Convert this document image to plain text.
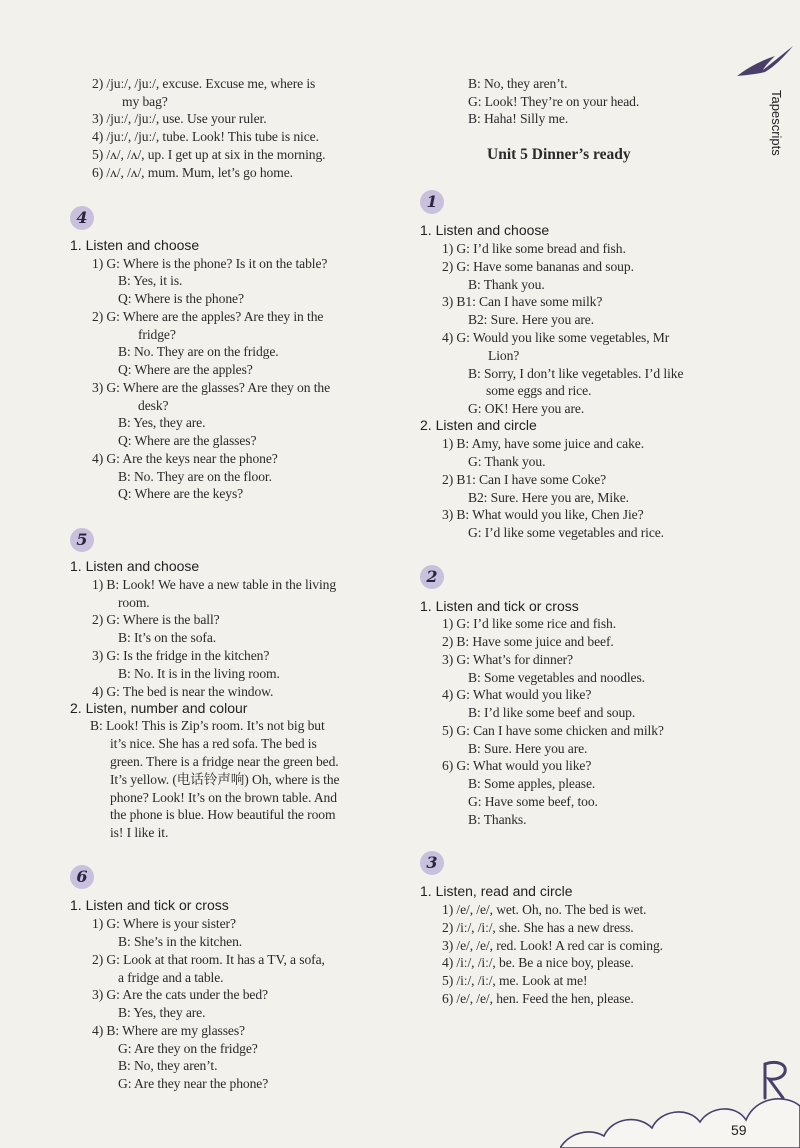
Tapescripts
2) /juː/, /juː/, excuse. Excuse me, where is
my bag?
3) /juː/, /juː/, use. Use your ruler.
4) /juː/, /juː/, tube. Look! This tube is nice.
5) /ʌ/, /ʌ/, up. I get up at six in the morning.
6) /ʌ/, /ʌ/, mum. Mum, let’s go home.
4
1. Listen and choose
1) G: Where is the phone? Is it on the table?
B: Yes, it is.
Q: Where is the phone?
2) G: Where are the apples? Are they in the
fridge?
B: No. They are on the fridge.
Q: Where are the apples?
3) G: Where are the glasses? Are they on the
desk?
B: Yes, they are.
Q: Where are the glasses?
4) G: Are the keys near the phone?
B: No. They are on the floor.
Q: Where are the keys?
5
1. Listen and choose
1) B: Look! We have a new table in the living
room.
2) G: Where is the ball?
B: It’s on the sofa.
3) G: Is the fridge in the kitchen?
B: No. It is in the living room.
4) G: The bed is near the window.
2. Listen, number and colour
B: Look! This is Zip’s room. It’s not big but
it’s nice. She has a red sofa. The bed is
green. There is a fridge near the green bed.
It’s yellow. (电话铃声响) Oh, where is the
phone? Look! It’s on the brown table. And
the phone is blue. How beautiful the room
is! I like it.
6
1. Listen and tick or cross
1) G: Where is your sister?
B: She’s in the kitchen.
2) G: Look at that room. It has a TV, a sofa,
a fridge and a table.
3) G: Are the cats under the bed?
B: Yes, they are.
4) B: Where are my glasses?
G: Are they on the fridge?
B: No, they aren’t.
G: Are they near the phone?
B: No, they aren’t.
G: Look! They’re on your head.
B: Haha! Silly me.
Unit 5 Dinner’s ready
1
1. Listen and choose
1) G: I’d like some bread and fish.
2) G: Have some bananas and soup.
B: Thank you.
3) B1: Can I have some milk?
B2: Sure. Here you are.
4) G: Would you like some vegetables, Mr
Lion?
B: Sorry, I don’t like vegetables. I’d like
some eggs and rice.
G: OK! Here you are.
2. Listen and circle
1) B: Amy, have some juice and cake.
G: Thank you.
2) B1: Can I have some Coke?
B2: Sure. Here you are, Mike.
3) B: What would you like, Chen Jie?
G: I’d like some vegetables and rice.
2
1. Listen and tick or cross
1) G: I’d like some rice and fish.
2) B: Have some juice and beef.
3) G: What’s for dinner?
B: Some vegetables and noodles.
4) G: What would you like?
B: I’d like some beef and soup.
5) G: Can I have some chicken and milk?
B: Sure. Here you are.
6) G: What would you like?
B: Some apples, please.
G: Have some beef, too.
B: Thanks.
3
1. Listen, read and circle
1) /e/, /e/, wet. Oh, no. The bed is wet.
2) /iː/, /iː/, she. She has a new dress.
3) /e/, /e/, red. Look! A red car is coming.
4) /iː/, /iː/, be. Be a nice boy, please.
5) /iː/, /iː/, me. Look at me!
6) /e/, /e/, hen. Feed the hen, please.
59
